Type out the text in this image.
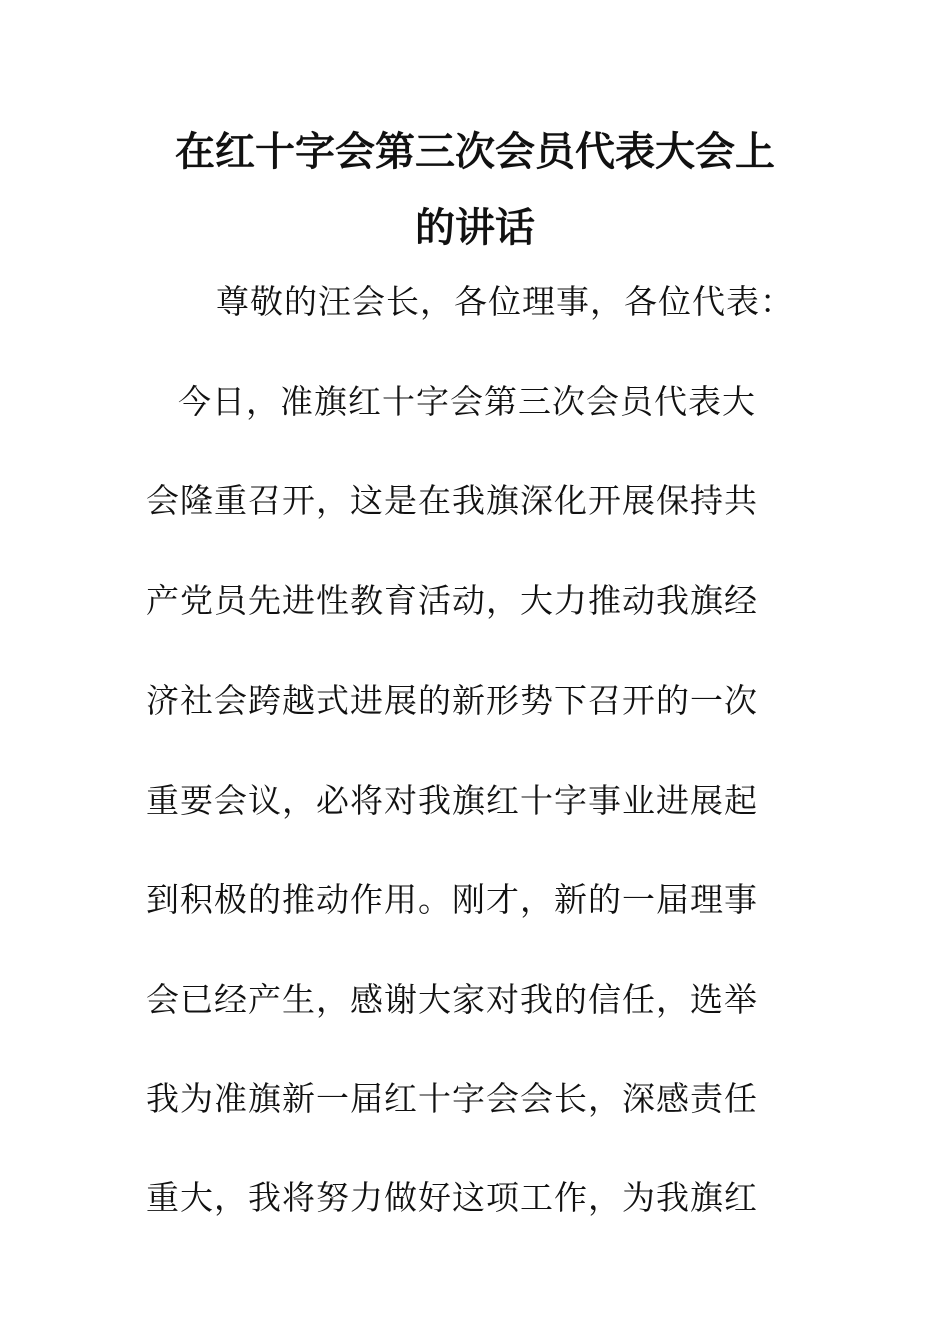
在红十字会第三次会员代表大会上
的讲话
尊敬的汪会长，各位理事，各位代表：
今日，准旗红十字会第三次会员代表大
会隆重召开，这是在我旗深化开展保持共
产党员先进性教育活动，大力推动我旗经
济社会跨越式进展的新形势下召开的一次
重要会议，必将对我旗红十字事业进展起
到积极的推动作用。刚才，新的一届理事
会已经产生，感谢大家对我的信任，选举
我为准旗新一届红十字会会长，深感责任
重大，我将努力做好这项工作，为我旗红
